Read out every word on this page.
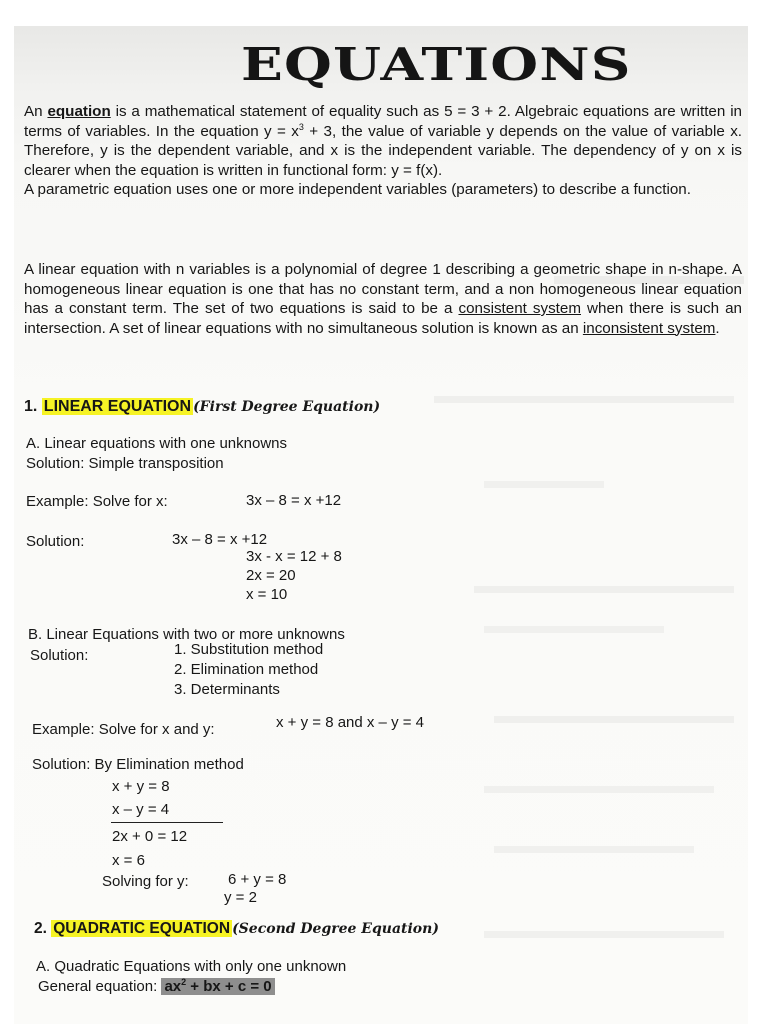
EQUATIONS

An equation is a mathematical statement of equality such as 5 = 3 + 2. Algebraic equations are written in terms of variables. In the equation $y = x^3 + 3$, the value of variable y depends on the value of variable x. Therefore, y is the dependent variable, and x is the independent variable. The dependency of y on x is clearer when the equation is written in functional form: y = f(x).

A parametric equation uses one or more independent variables (parameters) to describe a function.

A linear equation with n variables is a polynomial of degree 1 describing a geometric shape in n-shape. A homogeneous linear equation is one that has no constant term, and a non homogeneous linear equation has a constant term. The set of two equations is said to be a consistent system when there is such an intersection. A set of linear equations with no simultaneous solution is known as an inconsistent system.

1. LINEAR EQUATION (First Degree Equation)
A. Linear equations with one unknowns
Solution: Simple transposition
Example: Solve for x:	3x – 8 = x +12
Solution:	3x – 8 = x +12
3x - x = 12 + 8
2x = 20
x = 10
B. Linear Equations with two or more unknowns
Solution:	1. Substitution method
2. Elimination method
3. Determinants
Example: Solve for x and y:	x + y = 8 and x – y = 4
Solution: By Elimination method
x + y = 8
x – y = 4
2x + 0 = 12
x = 6
Solving for y:	6 + y = 8
y = 2
2. QUADRATIC EQUATION (Second Degree Equation)
A. Quadratic Equations with only one unknown
General equation: $ax^2$ + bx + c = 0
